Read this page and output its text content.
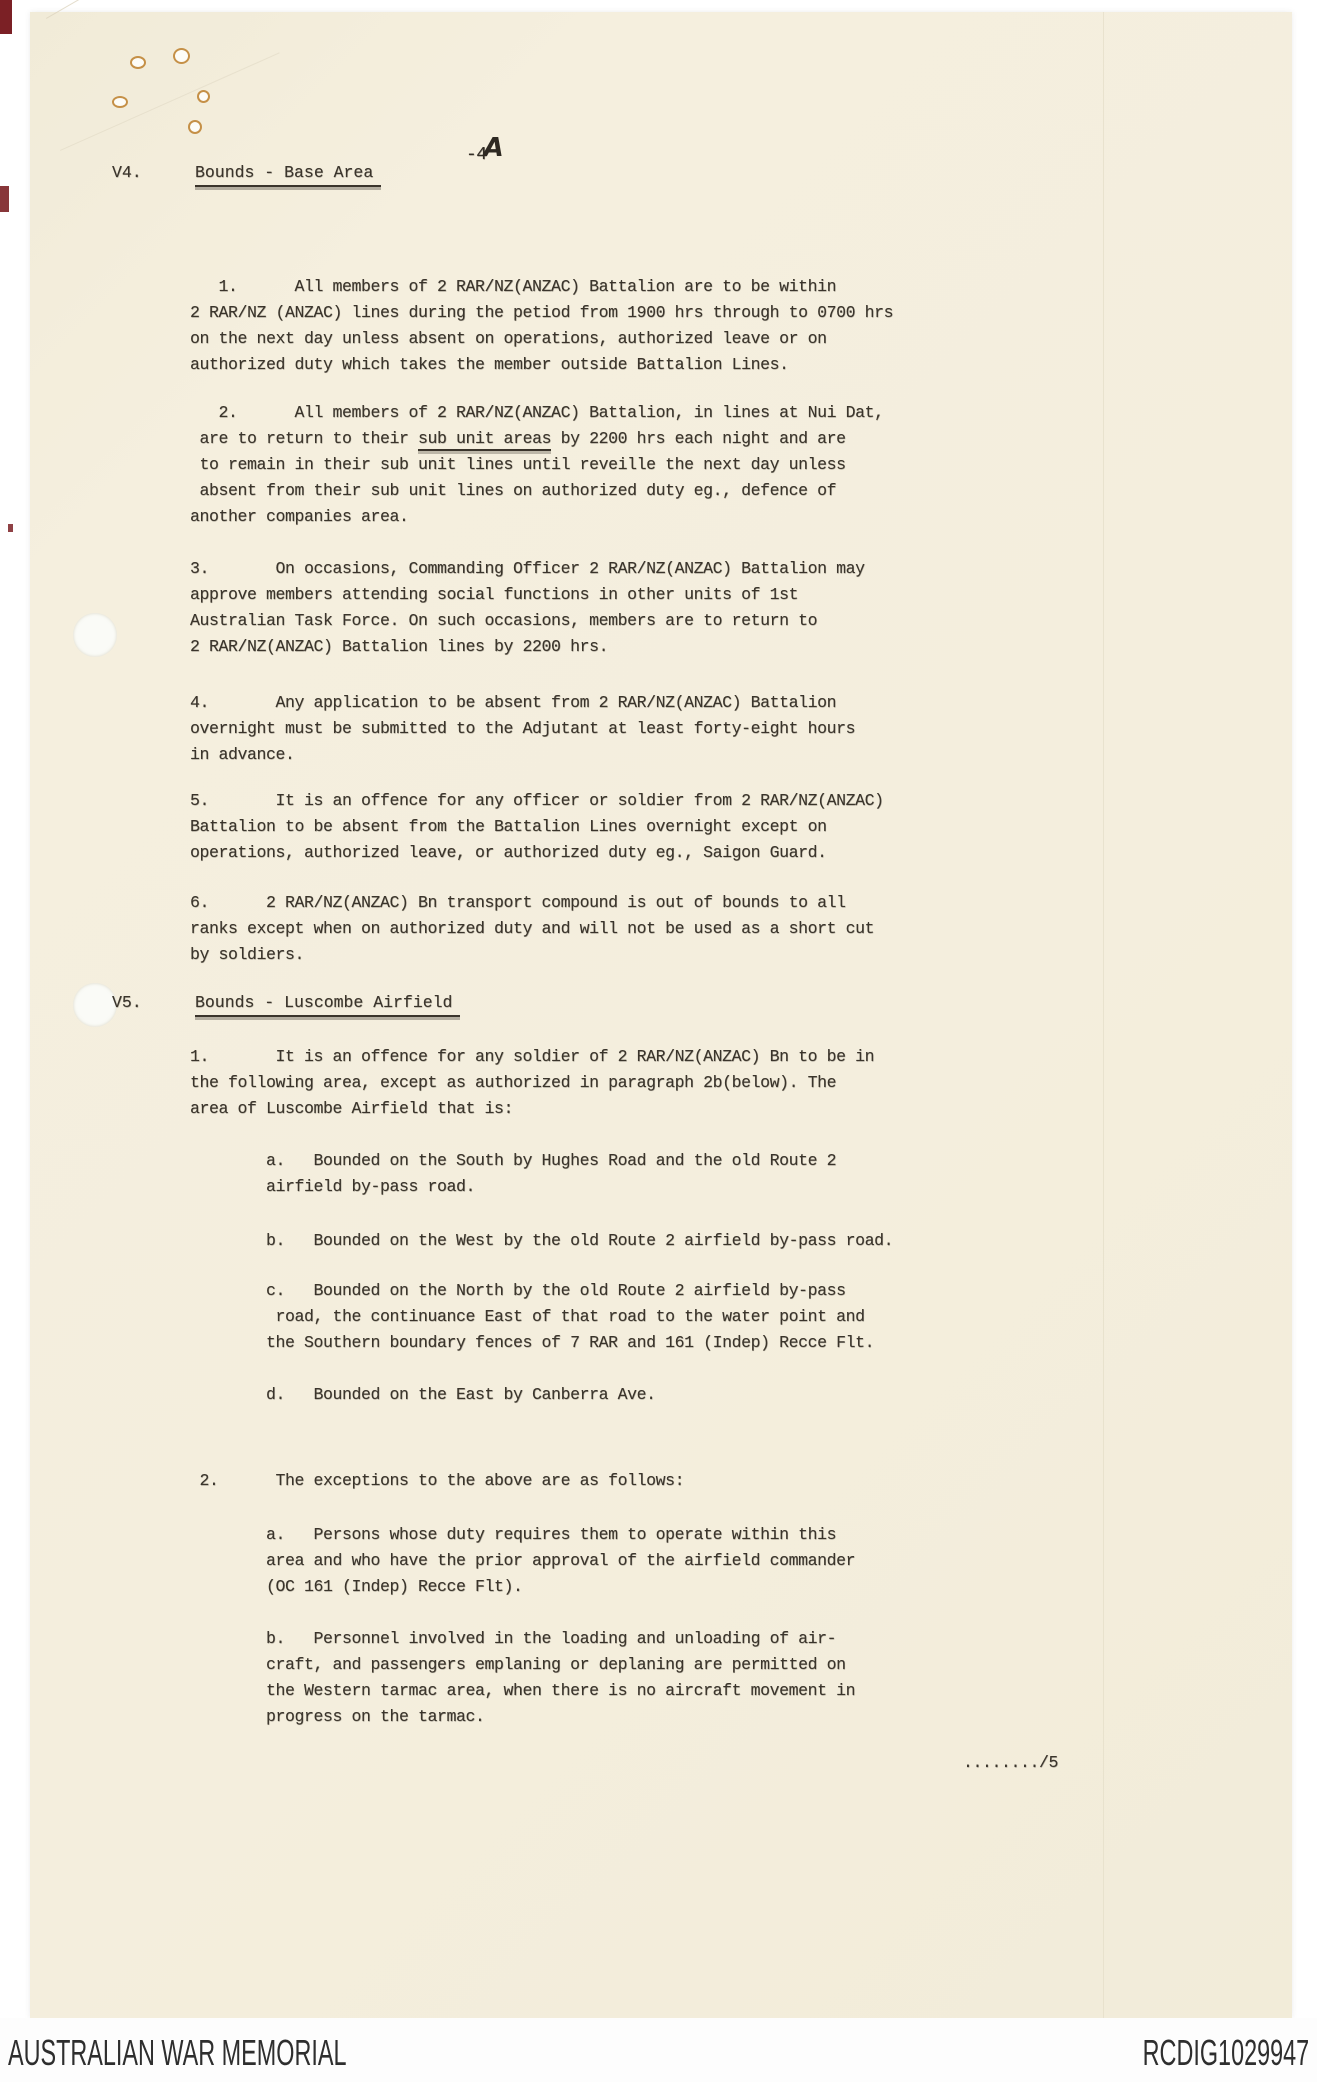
-4A
V4.	Bounds - Base Area
1.      All members of 2 RAR/NZ(ANZAC) Battalion are to be within
2 RAR/NZ (ANZAC) lines during the petiod from 1900 hrs through to 0700 hrs
on the next day unless absent on operations, authorized leave or on
authorized duty which takes the member outside Battalion Lines.
2.      All members of 2 RAR/NZ(ANZAC) Battalion, in lines at Nui Dat,
are to return to their sub unit areas by 2200 hrs each night and are
to remain in their sub unit lines until reveille the next day unless
absent from their sub unit lines on authorized duty eg., defence of
another companies area.
3.       On occasions, Commanding Officer 2 RAR/NZ(ANZAC) Battalion may
approve members attending social functions in other units of 1st
Australian Task Force. On such occasions, members are to return to
2 RAR/NZ(ANZAC) Battalion lines by 2200 hrs.
4.       Any application to be absent from 2 RAR/NZ(ANZAC) Battalion
overnight must be submitted to the Adjutant at least forty-eight hours
in advance.
5.       It is an offence for any officer or soldier from 2 RAR/NZ(ANZAC)
Battalion to be absent from the Battalion Lines overnight except on
operations, authorized leave, or authorized duty eg., Saigon Guard.
6.      2 RAR/NZ(ANZAC) Bn transport compound is out of bounds to all
ranks except when on authorized duty and will not be used as a short cut
by soldiers.
V5.	Bounds - Luscombe Airfield
1.       It is an offence for any soldier of 2 RAR/NZ(ANZAC) Bn to be in
the following area, except as authorized in paragraph 2b(below). The
area of Luscombe Airfield that is:
a.   Bounded on the South by Hughes Road and the old Route 2
airfield by-pass road.
b.   Bounded on the West by the old Route 2 airfield by-pass road.
c.   Bounded on the North by the old Route 2 airfield by-pass
road, the continuance East of that road to the water point and
the Southern boundary fences of 7 RAR and 161 (Indep) Recce Flt.
d.   Bounded on the East by Canberra Ave.
2.      The exceptions to the above are as follows:
a.   Persons whose duty requires them to operate within this
area and who have the prior approval of the airfield commander
(OC 161 (Indep) Recce Flt).
b.   Personnel involved in the loading and unloading of air-
craft, and passengers emplaning or deplaning are permitted on
the Western tarmac area, when there is no aircraft movement in
progress on the tarmac.
......../5
AUSTRALIAN WAR MEMORIAL	RCDIG1029947
